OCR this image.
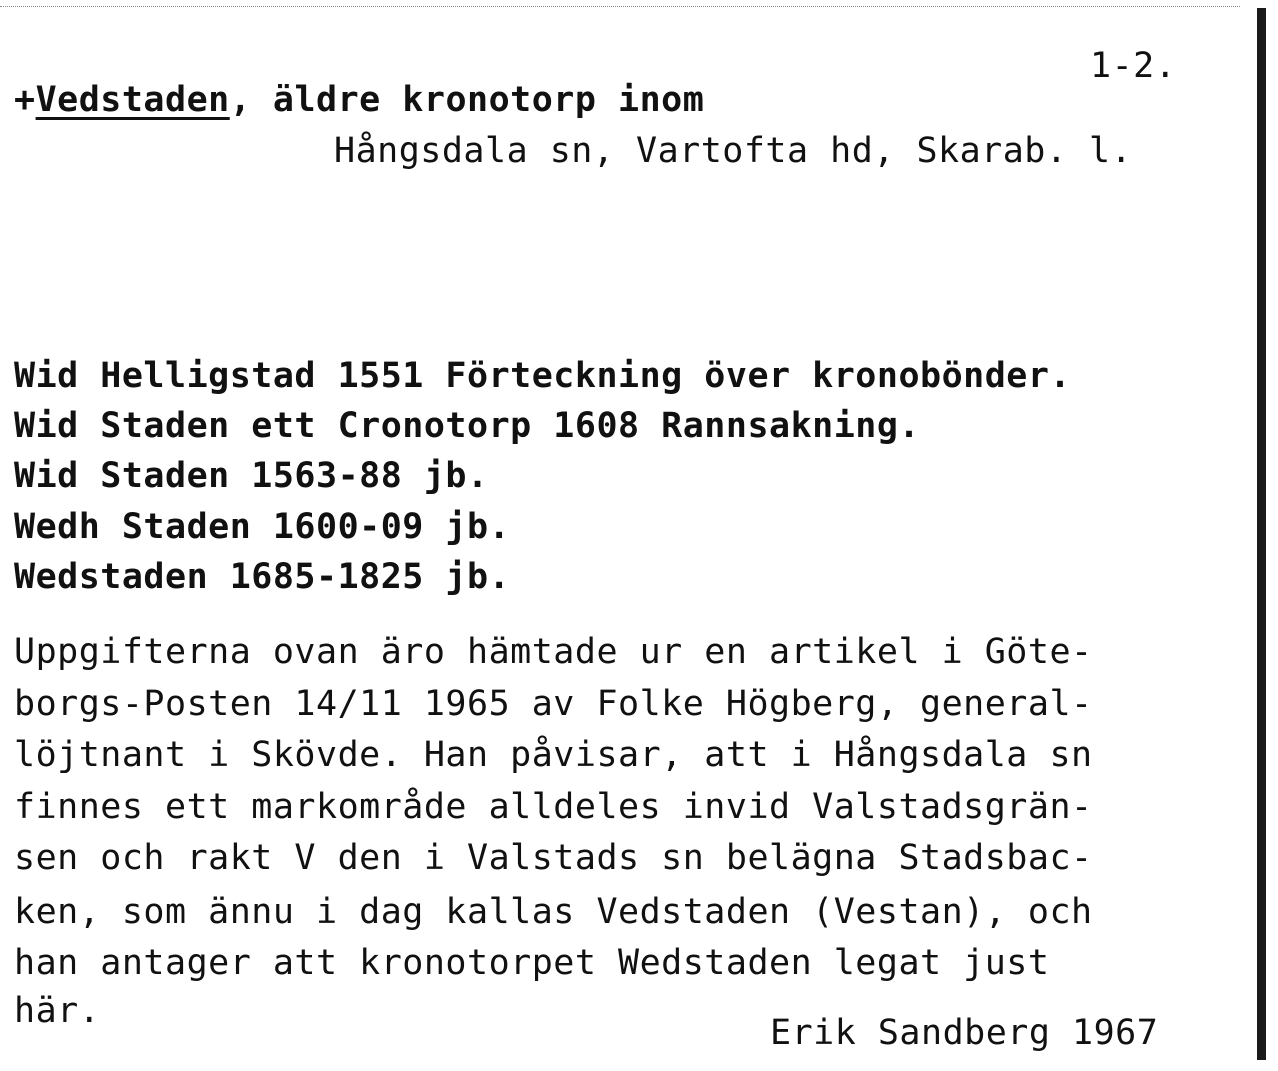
1-2.
+Vedstaden, äldre kronotorp inom
Hångsdala sn, Vartofta hd, Skarab. l.
Wid Helligstad 1551 Förteckning över kronobönder.
Wid Staden ett Cronotorp 1608 Rannsakning.
Wid Staden 1563-88 jb.
Wedh Staden 1600-09 jb.
Wedstaden 1685-1825 jb.
Uppgifterna ovan äro hämtade ur en artikel i Göte-
borgs-Posten 14/11 1965 av Folke Högberg, general-
löjtnant i Skövde. Han påvisar, att i Hångsdala sn
finnes ett markområde alldeles invid Valstadsgrän-
sen och rakt V den i Valstads sn belägna Stadsbac-
ken, som ännu i dag kallas Vedstaden (Vestan), och
han antager att kronotorpet Wedstaden legat just
här.
Erik Sandberg 1967
